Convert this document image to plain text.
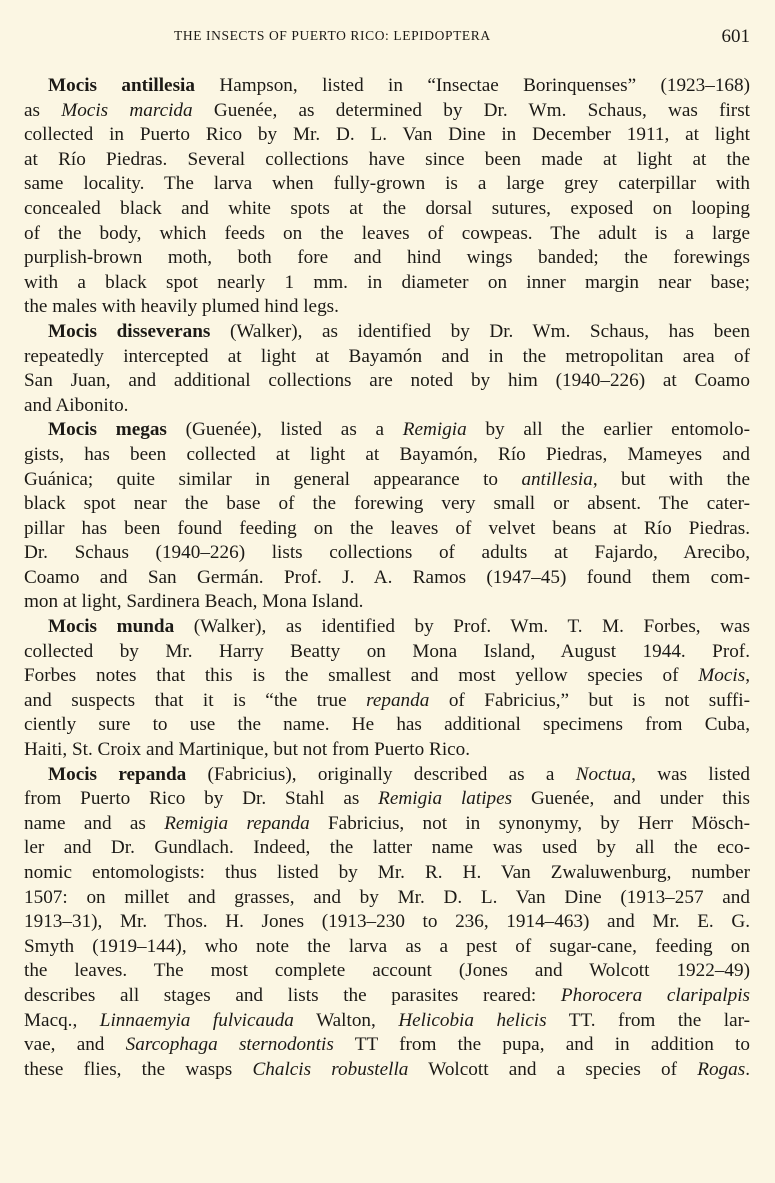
THE INSECTS OF PUERTO RICO: LEPIDOPTERA	601
Mocis antillesia Hampson, listed in “Insectae Borinquenses” (1923–168)
as Mocis marcida Guenée, as determined by Dr. Wm. Schaus, was first
collected in Puerto Rico by Mr. D. L. Van Dine in December 1911, at light
at Río Piedras. Several collections have since been made at light at the
same locality. The larva when fully-grown is a large grey caterpillar with
concealed black and white spots at the dorsal sutures, exposed on looping
of the body, which feeds on the leaves of cowpeas. The adult is a large
purplish-brown moth, both fore and hind wings banded; the forewings
with a black spot nearly 1 mm. in diameter on inner margin near base;
the males with heavily plumed hind legs.
Mocis disseverans (Walker), as identified by Dr. Wm. Schaus, has been
repeatedly intercepted at light at Bayamón and in the metropolitan area of
San Juan, and additional collections are noted by him (1940–226) at Coamo
and Aibonito.
Mocis megas (Guenée), listed as a Remigia by all the earlier entomolo-
gists, has been collected at light at Bayamón, Río Piedras, Mameyes and
Guánica; quite similar in general appearance to antillesia, but with the
black spot near the base of the forewing very small or absent. The cater-
pillar has been found feeding on the leaves of velvet beans at Río Piedras.
Dr. Schaus (1940–226) lists collections of adults at Fajardo, Arecibo,
Coamo and San Germán. Prof. J. A. Ramos (1947–45) found them com-
mon at light, Sardinera Beach, Mona Island.
Mocis munda (Walker), as identified by Prof. Wm. T. M. Forbes, was
collected by Mr. Harry Beatty on Mona Island, August 1944. Prof.
Forbes notes that this is the smallest and most yellow species of Mocis,
and suspects that it is “the true repanda of Fabricius,” but is not suffi-
ciently sure to use the name. He has additional specimens from Cuba,
Haiti, St. Croix and Martinique, but not from Puerto Rico.
Mocis repanda (Fabricius), originally described as a Noctua, was listed
from Puerto Rico by Dr. Stahl as Remigia latipes Guenée, and under this
name and as Remigia repanda Fabricius, not in synonymy, by Herr Mösch-
ler and Dr. Gundlach. Indeed, the latter name was used by all the eco-
nomic entomologists: thus listed by Mr. R. H. Van Zwaluwenburg, number
1507: on millet and grasses, and by Mr. D. L. Van Dine (1913–257 and
1913–31), Mr. Thos. H. Jones (1913–230 to 236, 1914–463) and Mr. E. G.
Smyth (1919–144), who note the larva as a pest of sugar-cane, feeding on
the leaves. The most complete account (Jones and Wolcott 1922–49)
describes all stages and lists the parasites reared: Phorocera claripalpis
Macq., Linnaemyia fulvicauda Walton, Helicobia helicis TT. from the lar-
vae, and Sarcophaga sternodontis TT from the pupa, and in addition to
these flies, the wasps Chalcis robustella Wolcott and a species of Rogas.
